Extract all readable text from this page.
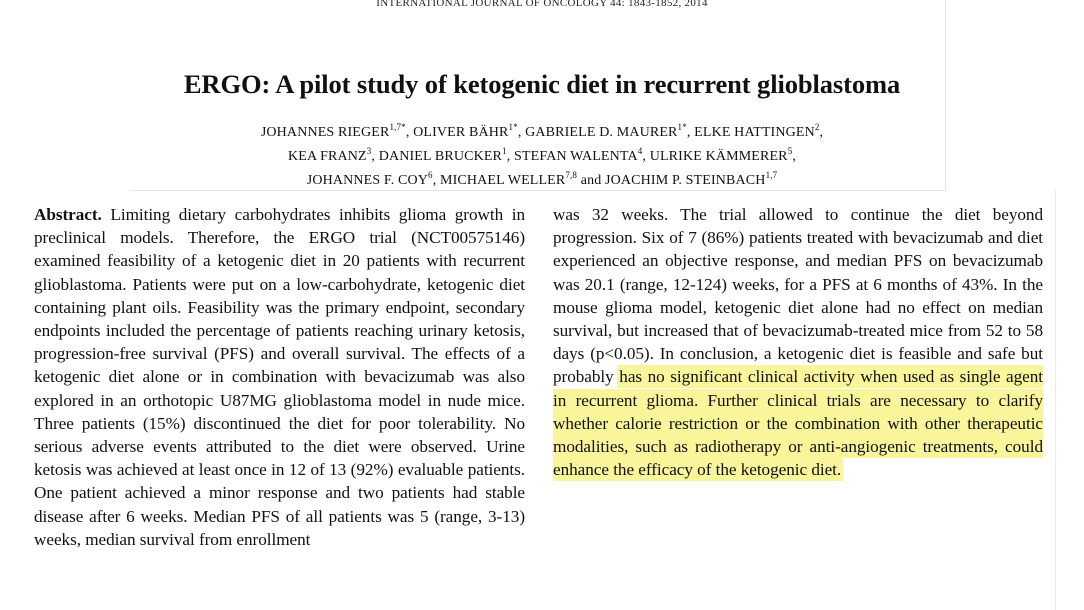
INTERNATIONAL JOURNAL OF ONCOLOGY 44: 1843-1852, 2014
ERGO: A pilot study of ketogenic diet in recurrent glioblastoma
JOHANNES $RIEGER^{1,7*}$, OLIVER $BÄHR^{1*}$, GABRIELE D. $MAURER^{1*}$, ELKE HATTINGEN$^2$,
KEA FRANZ$^3$, DANIEL BRUCKER$^1$, STEFAN WALENTA$^4$, ULRIKE KÄMMERER$^5$,
JOHANNES F. COY$^6$, MICHAEL WELLER$^{7,8}$ and JOACHIM P. STEINBACH$^{1,7}$
Abstract. Limiting dietary carbohydrates inhibits glioma growth in preclinical models. Therefore, the ERGO trial (NCT00575146) examined feasibility of a ketogenic diet in 20 patients with recurrent glioblastoma. Patients were put on a low-carbohydrate, ketogenic diet containing plant oils. Feasibility was the primary endpoint, secondary endpoints included the percentage of patients reaching urinary ketosis, progression-free survival (PFS) and overall survival. The effects of a ketogenic diet alone or in combination with bevacizumab was also explored in an orthotopic U87MG glioblastoma model in nude mice. Three patients (15%) discontinued the diet for poor tolerability. No serious adverse events attributed to the diet were observed. Urine ketosis was achieved at least once in 12 of 13 (92%) evaluable patients. One patient achieved a minor response and two patients had stable disease after 6 weeks. Median PFS of all patients was 5 (range, 3-13) weeks, median survival from enrollment
was 32 weeks. The trial allowed to continue the diet beyond progression. Six of 7 (86%) patients treated with bevacizumab and diet experienced an objective response, and median PFS on bevacizumab was 20.1 (range, 12-124) weeks, for a PFS at 6 months of 43%. In the mouse glioma model, ketogenic diet alone had no effect on median survival, but increased that of bevacizumab-treated mice from 52 to 58 days (p<0.05). In conclusion, a ketogenic diet is feasible and safe but probably has no significant clinical activity when used as single agent in recurrent glioma. Further clinical trials are necessary to clarify whether calorie restriction or the combination with other therapeutic modalities, such as radiotherapy or anti-angiogenic treatments, could enhance the efficacy of the ketogenic diet.
